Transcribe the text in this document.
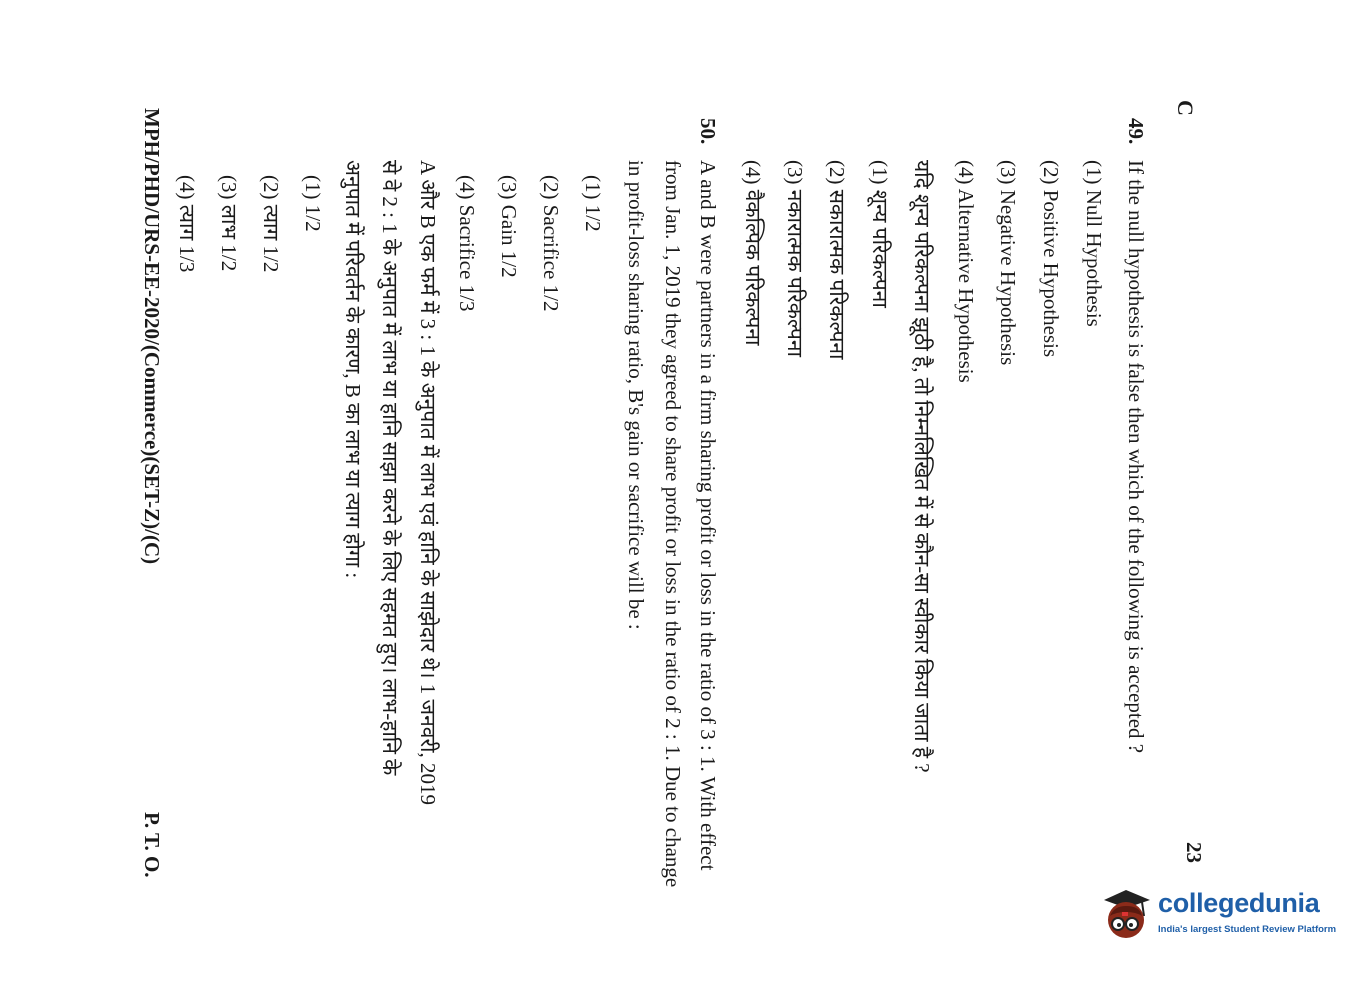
C
23
49.
If the null hypothesis is false then which of the following is accepted ?
(1) Null Hypothesis
(2) Positive Hypothesis
(3) Negative Hypothesis
(4) Alternative Hypothesis
यदि शून्य परिकल्पना झूठी है, तो निम्नलिखित में से कौन-सा स्वीकार किया जाता है ?
(1) शून्य परिकल्पना
(2) सकारात्मक परिकल्पना
(3) नकारात्मक परिकल्पना
(4) वैकल्पिक परिकल्पना
50.
A and B were partners in a firm sharing profit or loss in the ratio of 3 : 1. With effect
from Jan. 1, 2019 they agreed to share profit or loss in the ratio of 2 : 1. Due to change
in profit-loss sharing ratio, B's gain or sacrifice will be :
(1) 1/2
(2) Sacrifice 1/2
(3) Gain 1/2
(4) Sacrifice 1/3
A और B एक फर्म में 3 : 1 के अनुपात में लाभ एवं हानि के साझेदार थे। 1 जनवरी, 2019
से वे 2 : 1 के अनुपात में लाभ या हानि साझा करने के लिए सहमत हुए। लाभ-हानि के
अनुपात में परिवर्तन के कारण, B का लाभ या त्याग होगा :
(1) 1/2
(2) त्याग 1/2
(3) लाभ 1/2
(4) त्याग 1/3
MPH/PHD/URS-EE-2020/(Commerce)(SET-Z)/(C)
P. T. O.
collegedunia
India's largest Student Review Platform
